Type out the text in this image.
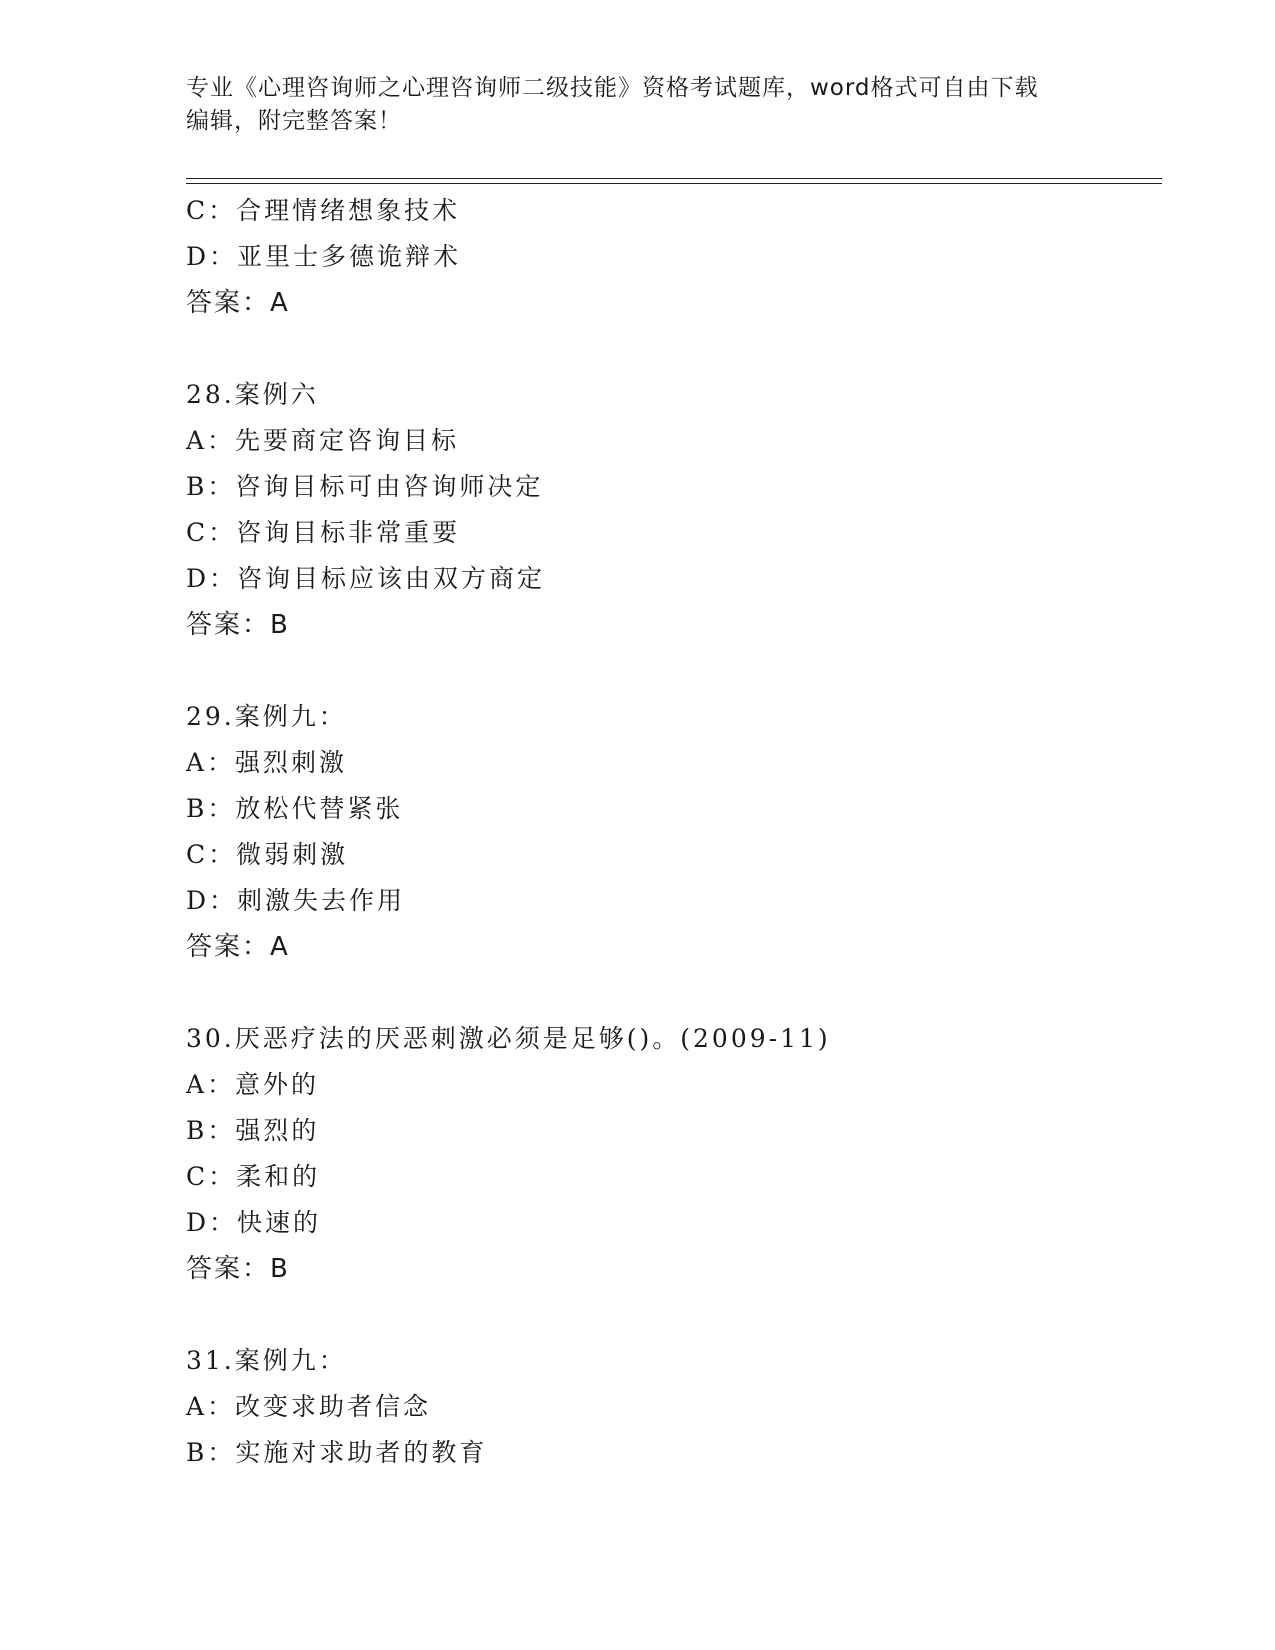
专业《心理咨询师之心理咨询师二级技能》资格考试题库，word格式可自由下载
编辑，附完整答案！
C：合理情绪想象技术
D：亚里士多德诡辩术
答案：A
28.案例六
A：先要商定咨询目标
B：咨询目标可由咨询师决定
C：咨询目标非常重要
D：咨询目标应该由双方商定
答案：B
29.案例九：
A：强烈刺激
B：放松代替紧张
C：微弱刺激
D：刺激失去作用
答案：A
30.厌恶疗法的厌恶刺激必须是足够()。(2009-11)
A：意外的
B：强烈的
C：柔和的
D：快速的
答案：B
31.案例九：
A：改变求助者信念
B：实施对求助者的教育
